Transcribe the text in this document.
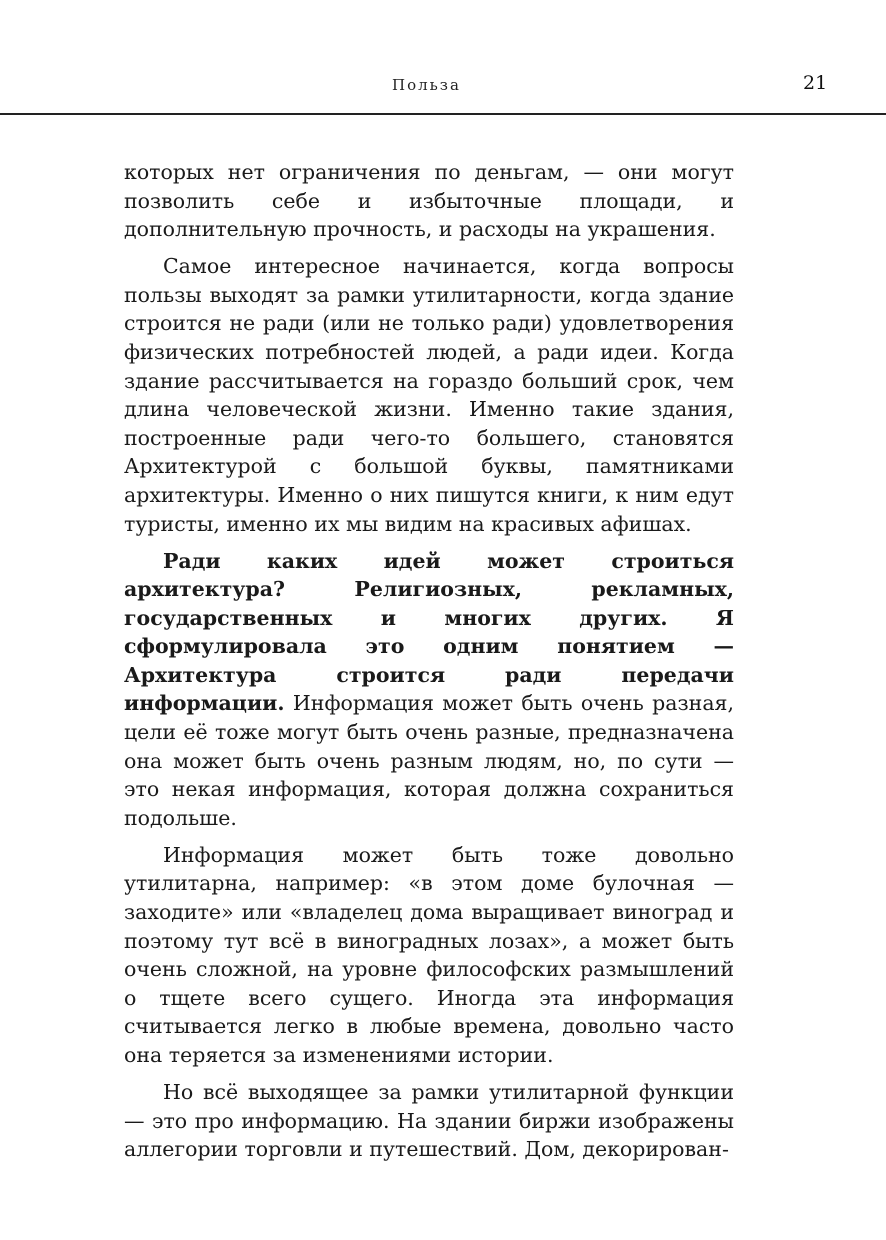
Польза	21

которых нет ограничения по деньгам, — они могут позволить себе и избыточные площади, и дополнительную прочность, и расходы на украшения.

Самое интересное начинается, когда вопросы пользы выходят за рамки утилитарности, когда здание строится не ради (или не только ради) удовлетворения физических потребностей людей, а ради идеи. Когда здание рассчитывается на гораздо больший срок, чем длина человеческой жизни. Именно такие здания, построенные ради чего-то большего, становятся Архитектурой с большой буквы, памятниками архитектуры. Именно о них пишутся книги, к ним едут туристы, именно их мы видим на красивых афишах.

Ради каких идей может строиться архитектура? Религиозных, рекламных, государственных и многих других. Я сформулировала это одним понятием — Архитектура строится ради передачи информации. Информация может быть очень разная, цели её тоже могут быть очень разные, предназначена она может быть очень разным людям, но, по сути — это некая информация, которая должна сохраниться подольше.

Информация может быть тоже довольно утилитарна, например: «в этом доме булочная — заходите» или «владелец дома выращивает виноград и поэтому тут всё в виноградных лозах», а может быть очень сложной, на уровне философских размышлений о тщете всего сущего. Иногда эта информация считывается легко в любые времена, довольно часто она теряется за изменениями истории.

Но всё выходящее за рамки утилитарной функции — это про информацию. На здании биржи изображены аллегории торговли и путешествий. Дом, декорирован-
